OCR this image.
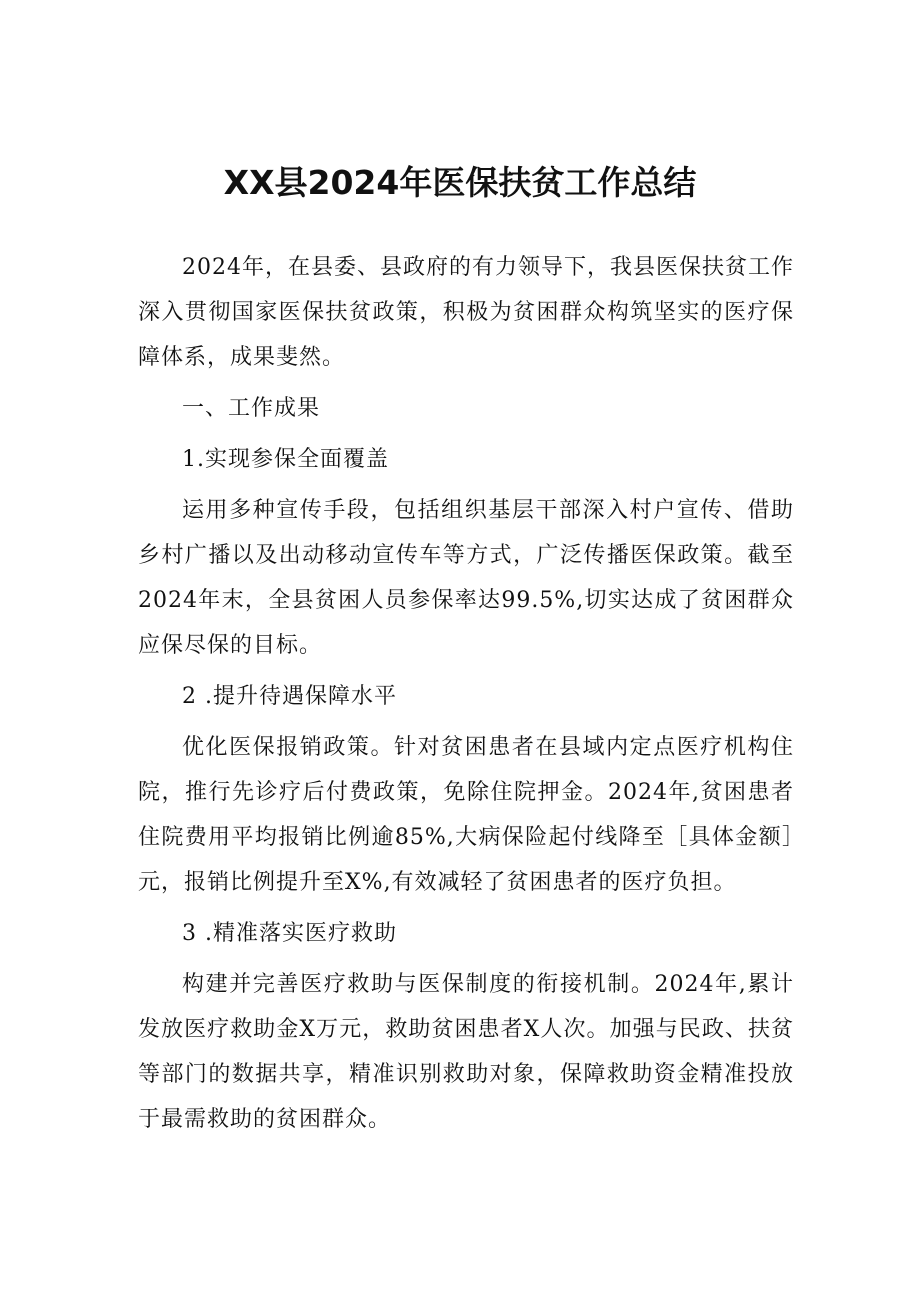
XX县2024年医保扶贫工作总结

2024年，在县委、县政府的有力领导下，我县医保扶贫工作深入贯彻国家医保扶贫政策，积极为贫困群众构筑坚实的医疗保障体系，成果斐然。

一、工作成果

1.实现参保全面覆盖

运用多种宣传手段，包括组织基层干部深入村户宣传、借助乡村广播以及出动移动宣传车等方式，广泛传播医保政策。截至2024年末，全县贫困人员参保率达99.5%,切实达成了贫困群众应保尽保的目标。

2 .提升待遇保障水平

优化医保报销政策。针对贫困患者在县域内定点医疗机构住院，推行先诊疗后付费政策，免除住院押金。2024年,贫困患者住院费用平均报销比例逾85%,大病保险起付线降至［具体金额］元，报销比例提升至X%,有效减轻了贫困患者的医疗负担。

3 .精准落实医疗救助

构建并完善医疗救助与医保制度的衔接机制。2024年,累计发放医疗救助金X万元，救助贫困患者X人次。加强与民政、扶贫等部门的数据共享，精准识别救助对象，保障救助资金精准投放于最需救助的贫困群众。
